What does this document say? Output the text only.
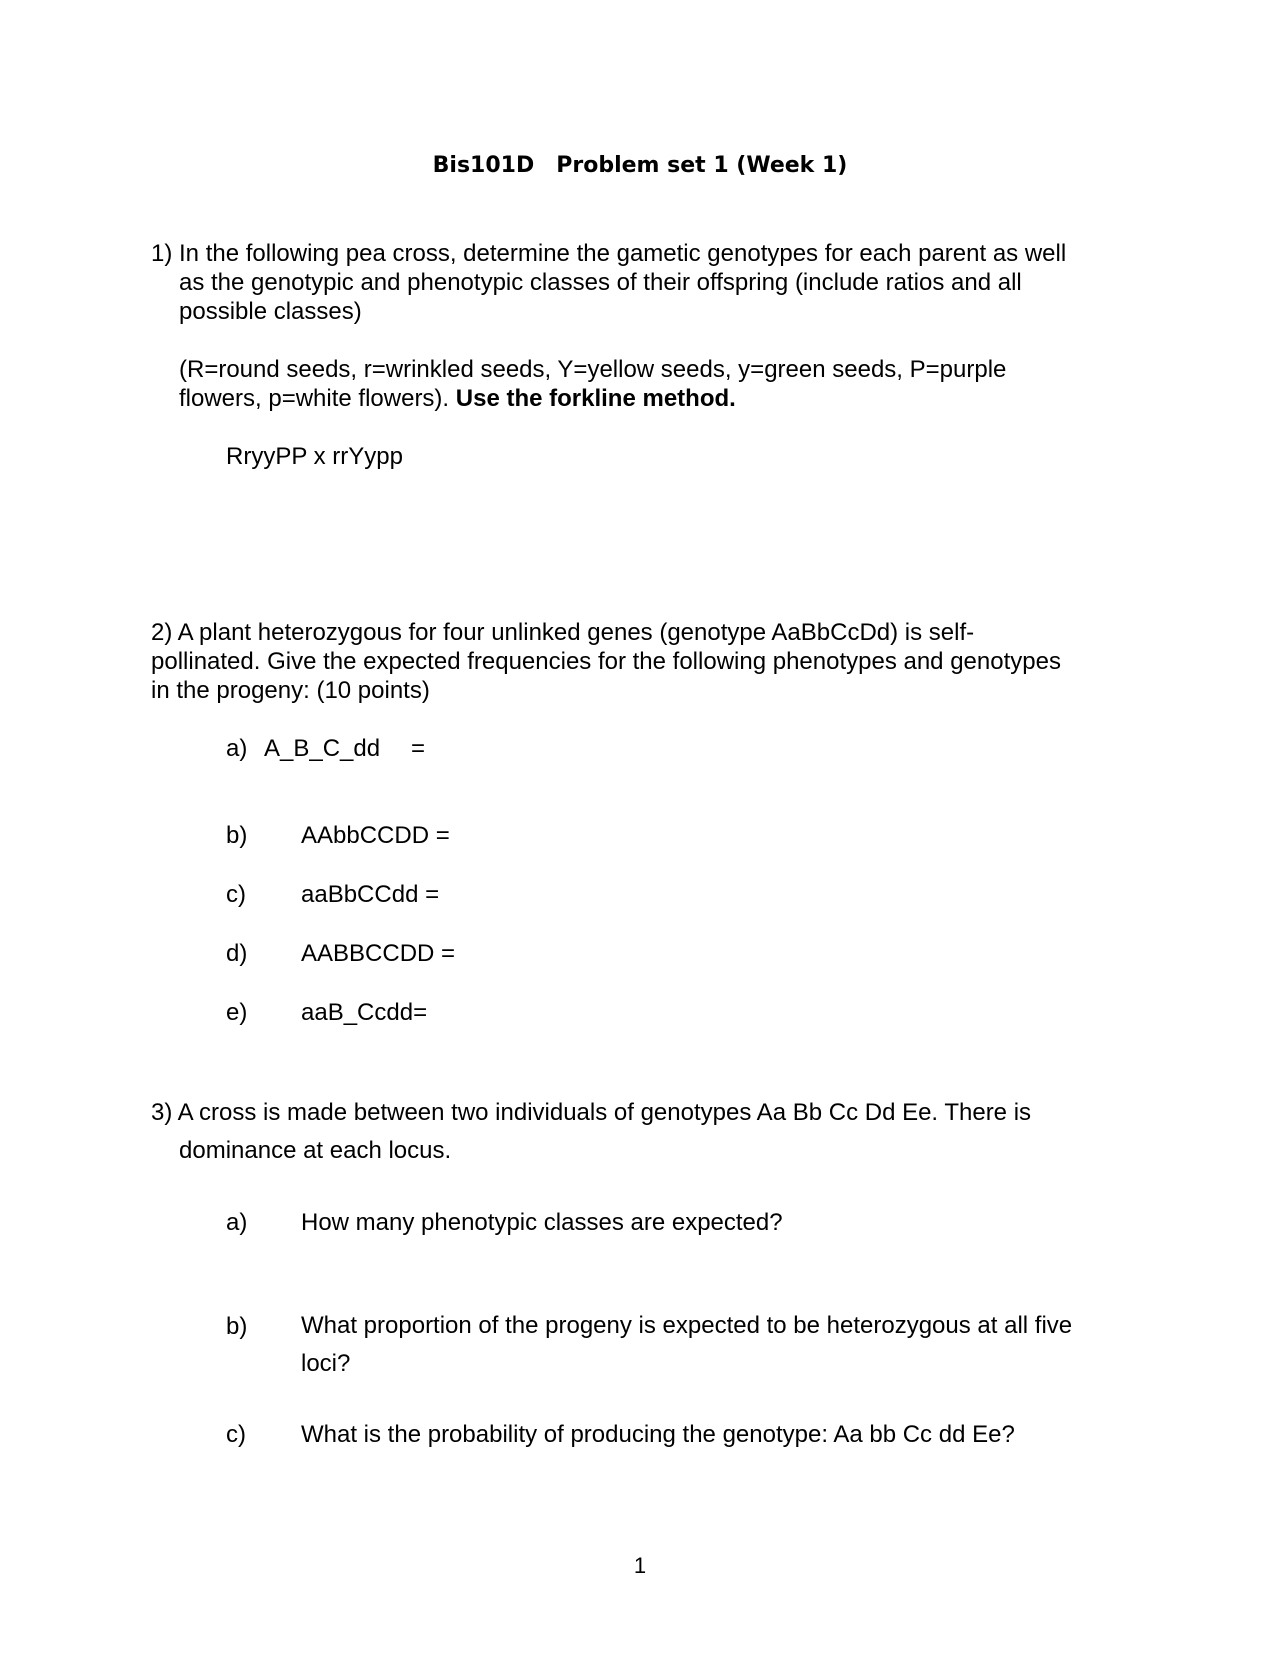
Bis101D Problem set 1 (Week 1)
1) In the following pea cross, determine the gametic genotypes for each parent as well
as the genotypic and phenotypic classes of their offspring (include ratios and all
possible classes)
(R=round seeds, r=wrinkled seeds, Y=yellow seeds, y=green seeds, P=purple
flowers, p=white flowers). Use the forkline method.
RryyPP x rrYypp
2) A plant heterozygous for four unlinked genes (genotype AaBbCcDd) is self-
pollinated. Give the expected frequencies for the following phenotypes and genotypes
in the progeny: (10 points)
a) A_B_C_dd =
b) AAbbCCDD =
c) aaBbCCdd =
d) AABBCCDD =
e) aaB_Ccdd=
3) A cross is made between two individuals of genotypes Aa Bb Cc Dd Ee. There is
dominance at each locus.
a) How many phenotypic classes are expected?
b) What proportion of the progeny is expected to be heterozygous at all five loci?
c) What is the probability of producing the genotype: Aa bb Cc dd Ee?
1
